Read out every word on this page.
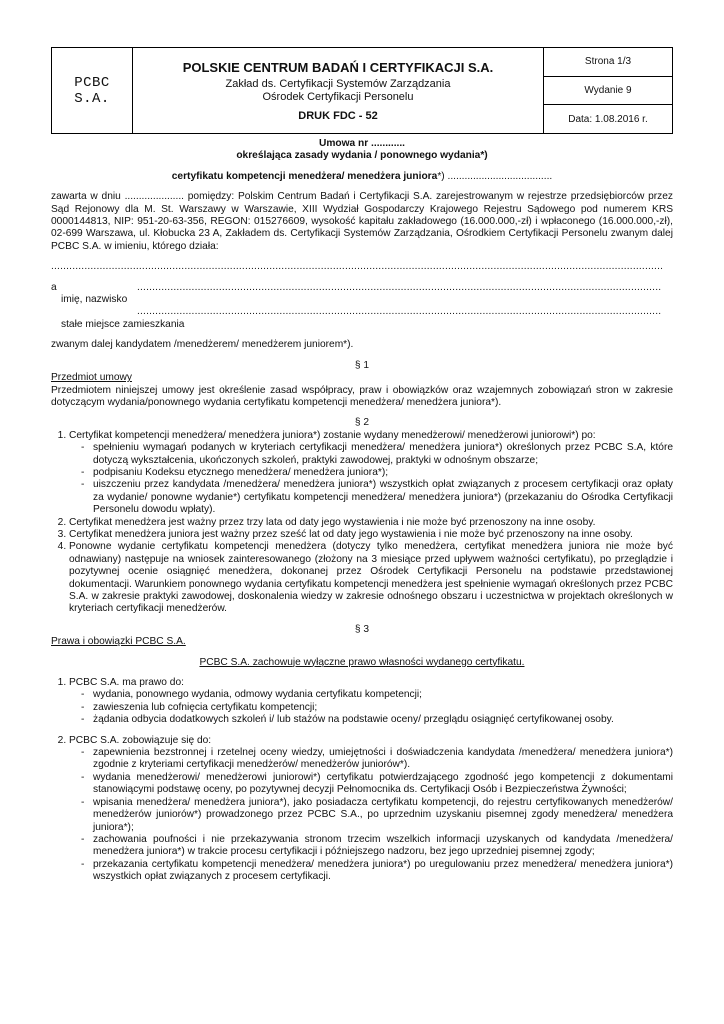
PCBC S.A.	
POLSKIE CENTRUM BADAŃ I CERTYFIKACJI S.A.
Zakład ds. Certyfikacji Systemów Zarządzania
Ośrodek Certyfikacji Personelu
DRUK FDC - 52
	Strona 1/3
Wydanie 9
Data: 1.08.2016 r.

Umowa nr ............

określająca zasady wydania / ponownego wydania*)

certyfikatu kompetencji menedżera/ menedżera juniora*) .....................................

zawarta w dniu ..................... pomiędzy: Polskim Centrum Badań i Certyfikacji S.A. zarejestrowanym w rejestrze przedsiębiorców przez Sąd Rejonowy dla M. St. Warszawy w Warszawie, XIII Wydział Gospodarczy Krajowego Rejestru Sądowego pod numerem KRS 0000144813, NIP: 951-20-63-356, REGON: 015276609, wysokość kapitału zakładowego (16.000.000,-zł) i wpłaconego (16.000.000,-zł), 02-699 Warszawa, ul. Kłobucka 23 A, Zakładem ds. Certyfikacji Systemów Zarządzania, Ośrodkiem Certyfikacji Personelu zwanym dalej PCBC S.A. w imieniu, którego działa:

..........................................................................................................................................................................................................

a	.............................................................................................................................................................................

imię, nazwisko

.............................................................................................................................................................................

stałe miejsce zamieszkania

zwanym dalej kandydatem /menedżerem/ menedżerem juniorem*).

§ 1

Przedmiot umowy

Przedmiotem niniejszej umowy jest określenie zasad współpracy, praw i obowiązków oraz wzajemnych zobowiązań stron w zakresie dotyczącym wydania/ponownego wydania certyfikatu kompetencji menedżera/ menedżera juniora*).

§ 2

1. Certyfikat kompetencji menedżera/ menedżera juniora*) zostanie wydany menedżerowi/ menedżerowi juniorowi*) po:
- spełnieniu wymagań podanych w kryteriach certyfikacji menedżera/ menedżera juniora*) określonych przez PCBC S.A, które dotyczą wykształcenia, ukończonych szkoleń, praktyki zawodowej, praktyki w odnośnym obszarze;
- podpisaniu Kodeksu etycznego menedżera/ menedżera juniora*);
- uiszczeniu przez kandydata /menedżera/ menedżera juniora*) wszystkich opłat związanych z procesem certyfikacji oraz opłaty za wydanie/ ponowne wydanie*) certyfikatu kompetencji menedżera/ menedżera juniora*) (przekazaniu do Ośrodka Certyfikacji Personelu dowodu wpłaty).
2. Certyfikat menedżera jest ważny przez trzy lata od daty jego wystawienia i nie może być przenoszony na inne osoby.
3. Certyfikat menedżera juniora jest ważny przez sześć lat od daty jego wystawienia i nie może być przenoszony na inne osoby.
4. Ponowne wydanie certyfikatu kompetencji menedżera (dotyczy tylko menedżera, certyfikat menedżera juniora nie może być odnawiany) następuje na wniosek zainteresowanego (złożony na 3 miesiące przed upływem ważności certyfikatu), po przeglądzie i pozytywnej ocenie osiągnięć menedżera, dokonanej przez Ośrodek Certyfikacji Personelu na podstawie przedstawionej dokumentacji. Warunkiem ponownego wydania certyfikatu kompetencji menedżera jest spełnienie wymagań określonych przez PCBC S.A. w zakresie praktyki zawodowej, doskonalenia wiedzy w zakresie odnośnego obszaru i uczestnictwa w projektach określonych w kryteriach certyfikacji menedżerów.

§ 3

Prawa i obowiązki PCBC S.A.

PCBC S.A. zachowuje wyłączne prawo własności wydanego certyfikatu.

1. PCBC S.A. ma prawo do:
- wydania, ponownego wydania, odmowy wydania certyfikatu kompetencji;
- zawieszenia lub cofnięcia certyfikatu kompetencji;
- żądania odbycia dodatkowych szkoleń i/ lub stażów na podstawie oceny/ przeglądu osiągnięć certyfikowanej osoby.
2. PCBC S.A. zobowiązuje się do:
- zapewnienia bezstronnej i rzetelnej oceny wiedzy, umiejętności i doświadczenia kandydata /menedżera/ menedżera juniora*) zgodnie z kryteriami certyfikacji menedżerów/ menedżerów juniorów*).
- wydania menedżerowi/ menedżerowi juniorowi*) certyfikatu potwierdzającego zgodność jego kompetencji z dokumentami stanowiącymi podstawę oceny, po pozytywnej decyzji Pełnomocnika ds. Certyfikacji Osób i Bezpieczeństwa Żywności;
- wpisania menedżera/ menedżera juniora*), jako posiadacza certyfikatu kompetencji, do rejestru certyfikowanych menedżerów/ menedżerów juniorów*) prowadzonego przez PCBC S.A., po uprzednim uzyskaniu pisemnej zgody menedżera/ menedżera juniora*);
- zachowania poufności i nie przekazywania stronom trzecim wszelkich informacji uzyskanych od kandydata /menedżera/ menedżera juniora*) w trakcie procesu certyfikacji i późniejszego nadzoru, bez jego uprzedniej pisemnej zgody;
- przekazania certyfikatu kompetencji menedżera/ menedżera juniora*) po uregulowaniu przez menedżera/ menedżera juniora*) wszystkich opłat związanych z procesem certyfikacji.
